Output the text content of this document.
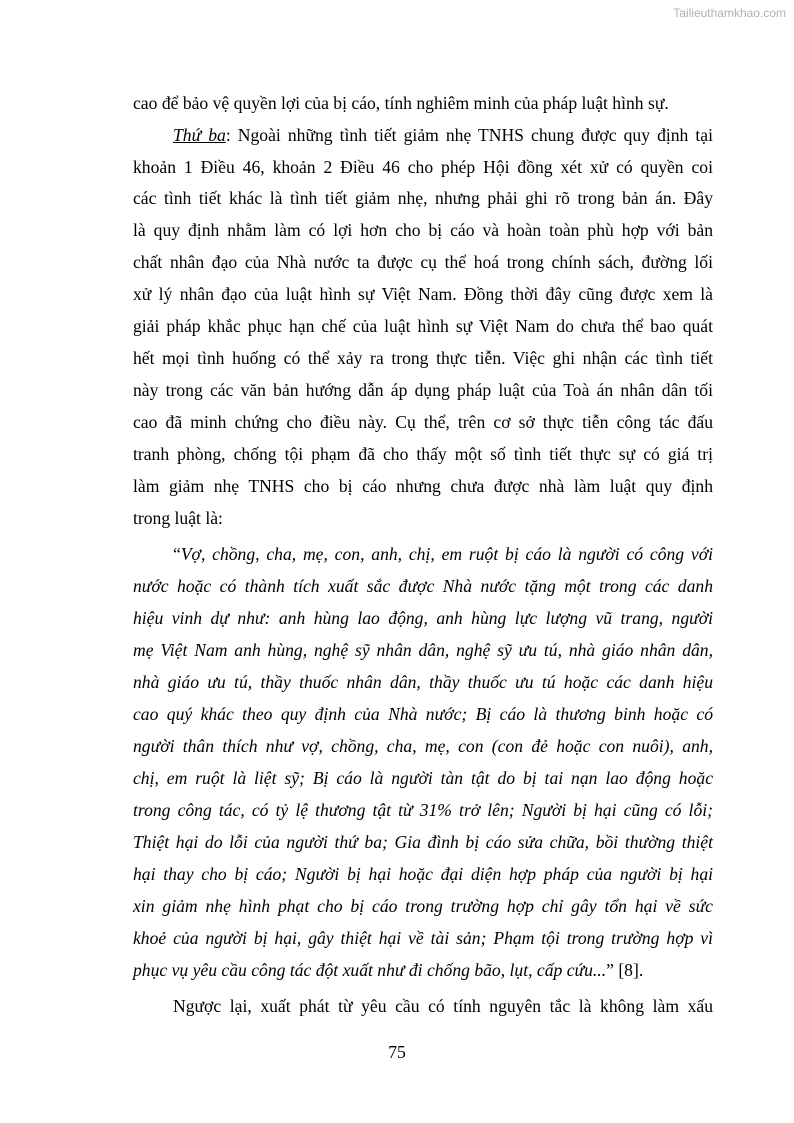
Tailieuthamkhao.com
cao để bảo vệ quyền lợi của bị cáo, tính nghiêm minh của pháp luật hình sự.
Thứ ba: Ngoài những tình tiết giảm nhẹ TNHS chung được quy định tại
khoản 1 Điều 46, khoản 2 Điều 46 cho phép Hội đồng xét xử có quyền coi
các tình tiết khác là tình tiết giảm nhẹ, nhưng phải ghi rõ trong bản án. Đây
là quy định nhằm làm có lợi hơn cho bị cáo và hoàn toàn phù hợp với bản
chất nhân đạo của Nhà nước ta được cụ thể hoá trong chính sách, đường lối
xử lý nhân đạo của luật hình sự Việt Nam. Đồng thời đây cũng được xem là
giải pháp khắc phục hạn chế của luật hình sự Việt Nam do chưa thể bao quát
hết mọi tình huống có thể xảy ra trong thực tiễn. Việc ghi nhận các tình tiết
này trong các văn bản hướng dẫn áp dụng pháp luật của Toà án nhân dân tối
cao đã minh chứng cho điều này. Cụ thể, trên cơ sở thực tiễn công tác đấu
tranh phòng, chống tội phạm đã cho thấy một số tình tiết thực sự có giá trị
làm giảm nhẹ TNHS cho bị cáo nhưng chưa được nhà làm luật quy định
trong luật là:
“Vợ, chồng, cha, mẹ, con, anh, chị, em ruột bị cáo là người có công với
nước hoặc có thành tích xuất sắc được Nhà nước tặng một trong các danh
hiệu vinh dự như: anh hùng lao động, anh hùng lực lượng vũ trang, người
mẹ Việt Nam anh hùng, nghệ sỹ nhân dân, nghệ sỹ ưu tú, nhà giáo nhân dân,
nhà giáo ưu tú, thầy thuốc nhân dân, thầy thuốc ưu tú hoặc các danh hiệu
cao quý khác theo quy định của Nhà nước; Bị cáo là thương binh hoặc có
người thân thích như vợ, chồng, cha, mẹ, con (con đẻ hoặc con nuôi), anh,
chị, em ruột là liệt sỹ; Bị cáo là người tàn tật do bị tai nạn lao động hoặc
trong công tác, có tỷ lệ thương tật từ 31% trở lên; Người bị hại cũng có lỗi;
Thiệt hại do lỗi của người thứ ba; Gia đình bị cáo sửa chữa, bồi thường thiệt
hại thay cho bị cáo; Người bị hại hoặc đại diện hợp pháp của người bị hại
xin giảm nhẹ hình phạt cho bị cáo trong trường hợp chỉ gây tổn hại về sức
khoẻ của người bị hại, gây thiệt hại về tài sản; Phạm tội trong trường hợp vì
phục vụ yêu cầu công tác đột xuất như đi chống bão, lụt, cấp cứu...” [8].
Ngược lại, xuất phát từ yêu cầu có tính nguyên tắc là không làm xấu
75
